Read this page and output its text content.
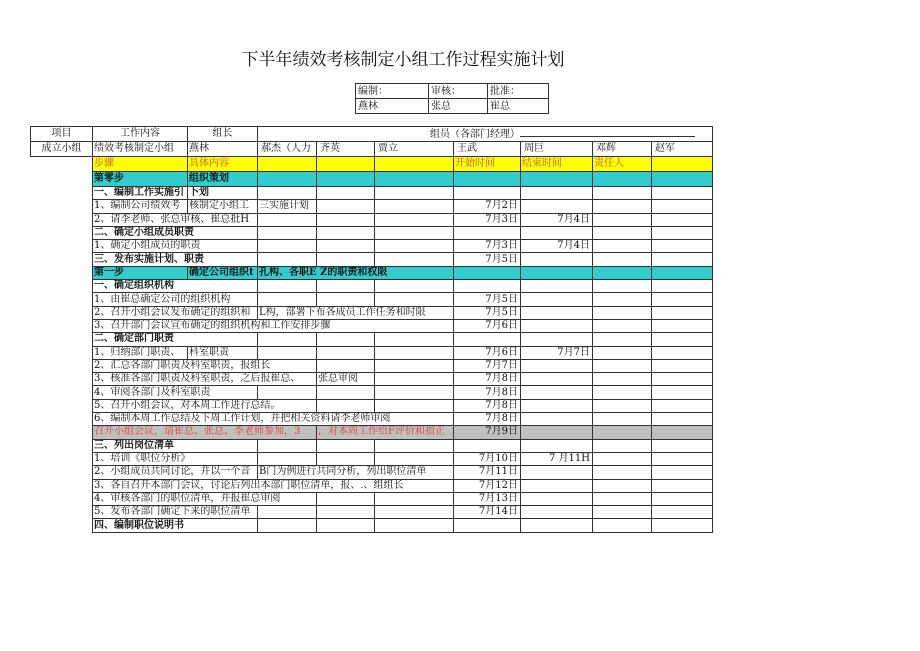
下半年绩效考核制定小组工作过程实施计划
编制：	审核：	批准：
燕林	张总	崔总
项目	工作内容	组长	组员（各部门经理）						
成立小组	绩效考核制定小组	燕林	郝杰（人力	齐英	贾立	王武	周巨	邓辉	赵军
	步骤	具体内容				开始时间	结束时间	责任人	
	第零步	组织策划							
	一、编制工作实施引	卜划							
	1、编制公司绩效考	核制定小组工	三实施计划			7月2日			
	2、请李老师、张总审核、崔总批H					7月3日	7月4日		
	二、确定小组成员职责								
	1、确定小组成员的职责					7月3日	7月4日		
	三、发布实施计划、职责					7月5日			
	第一步	确定公司组织t	孔构、各职E Z的职责和权限						
	一、确定组织机构								
	1、由崔总确定公司的组织机构					7月5日			
	2、召开小组会议发布确定的组织和		L构，部署下布各成员工作任务和时限			7月5日			
	3、召开部门会议宣布确定的组织机构和工作安排步骤					7月6日			
	二、确定部门职责								
	1、归纳部门职责、	科室职责				7月6日	7月7日		
	2、汇总各部门职责及科室职责，报组长					7月7日			
	3、核准各部门职责及科室职责，之后报崔总、			张总审阅		7月8日			
	4、审阅各部门及科室职责					7月8日			
	5、召开小组会议，对本周工作进行总结。					7月8日			
	6、编制本周工作总结及下周工作计划，并把相关资料请李老师审阅					7月8日			
	召开小组会议，请崔总、张总、李老师参加，3			，对本周工作给F评价和指正		7月9日			
	三、列出岗位清单								
	1、培训《职位分析》					7月10日	7 月11H		
	2、小组成员共同讨论，并以一个音		B门为例进行共同分析，列出职位清单			7月11日			
	3、各自召开本部门会议，讨论后列出本部门职位清单，报、.、组组长					7月12日			
	4、审核各部门的职位清单，并报崔总审阅					7月13日			
	5、发布各部门确定下来的职位清单					7月14日			
	四、编制职位说明书								
